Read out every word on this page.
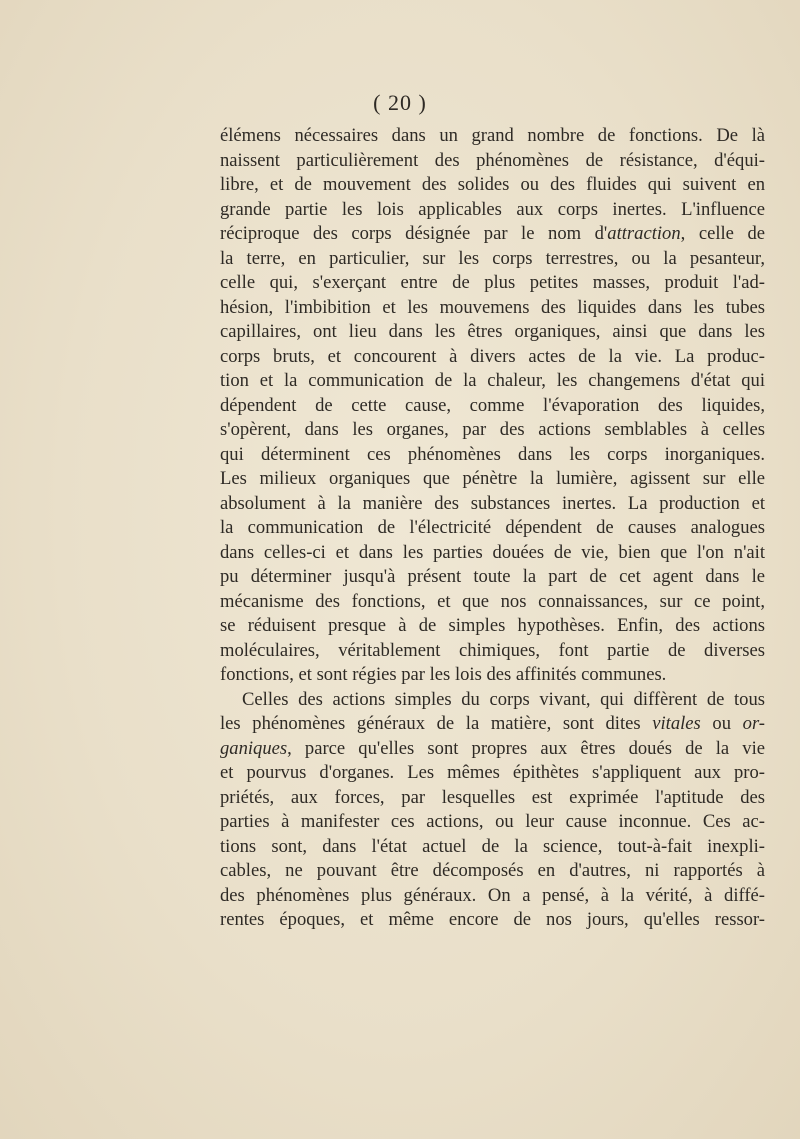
( 20 )
élémens nécessaires dans un grand nombre de fonctions. De là
naissent particulièrement des phénomènes de résistance, d'équi-
libre, et de mouvement des solides ou des fluides qui suivent en
grande partie les lois applicables aux corps inertes. L'influence
réciproque des corps désignée par le nom d'attraction, celle de
la terre, en particulier, sur les corps terrestres, ou la pesanteur,
celle qui, s'exerçant entre de plus petites masses, produit l'ad-
hésion, l'imbibition et les mouvemens des liquides dans les tubes
capillaires, ont lieu dans les êtres organiques, ainsi que dans les
corps bruts, et concourent à divers actes de la vie. La produc-
tion et la communication de la chaleur, les changemens d'état qui
dépendent de cette cause, comme l'évaporation des liquides,
s'opèrent, dans les organes, par des actions semblables à celles
qui déterminent ces phénomènes dans les corps inorganiques.
Les milieux organiques que pénètre la lumière, agissent sur elle
absolument à la manière des substances inertes. La production et
la communication de l'électricité dépendent de causes analogues
dans celles-ci et dans les parties douées de vie, bien que l'on n'ait
pu déterminer jusqu'à présent toute la part de cet agent dans le
mécanisme des fonctions, et que nos connaissances, sur ce point,
se réduisent presque à de simples hypothèses. Enfin, des actions
moléculaires, véritablement chimiques, font partie de diverses
fonctions, et sont régies par les lois des affinités communes.
Celles des actions simples du corps vivant, qui diffèrent de tous
les phénomènes généraux de la matière, sont dites vitales ou or-
ganiques, parce qu'elles sont propres aux êtres doués de la vie
et pourvus d'organes. Les mêmes épithètes s'appliquent aux pro-
priétés, aux forces, par lesquelles est exprimée l'aptitude des
parties à manifester ces actions, ou leur cause inconnue. Ces ac-
tions sont, dans l'état actuel de la science, tout-à-fait inexpli-
cables, ne pouvant être décomposés en d'autres, ni rapportés à
des phénomènes plus généraux. On a pensé, à la vérité, à diffé-
rentes époques, et même encore de nos jours, qu'elles ressor-
